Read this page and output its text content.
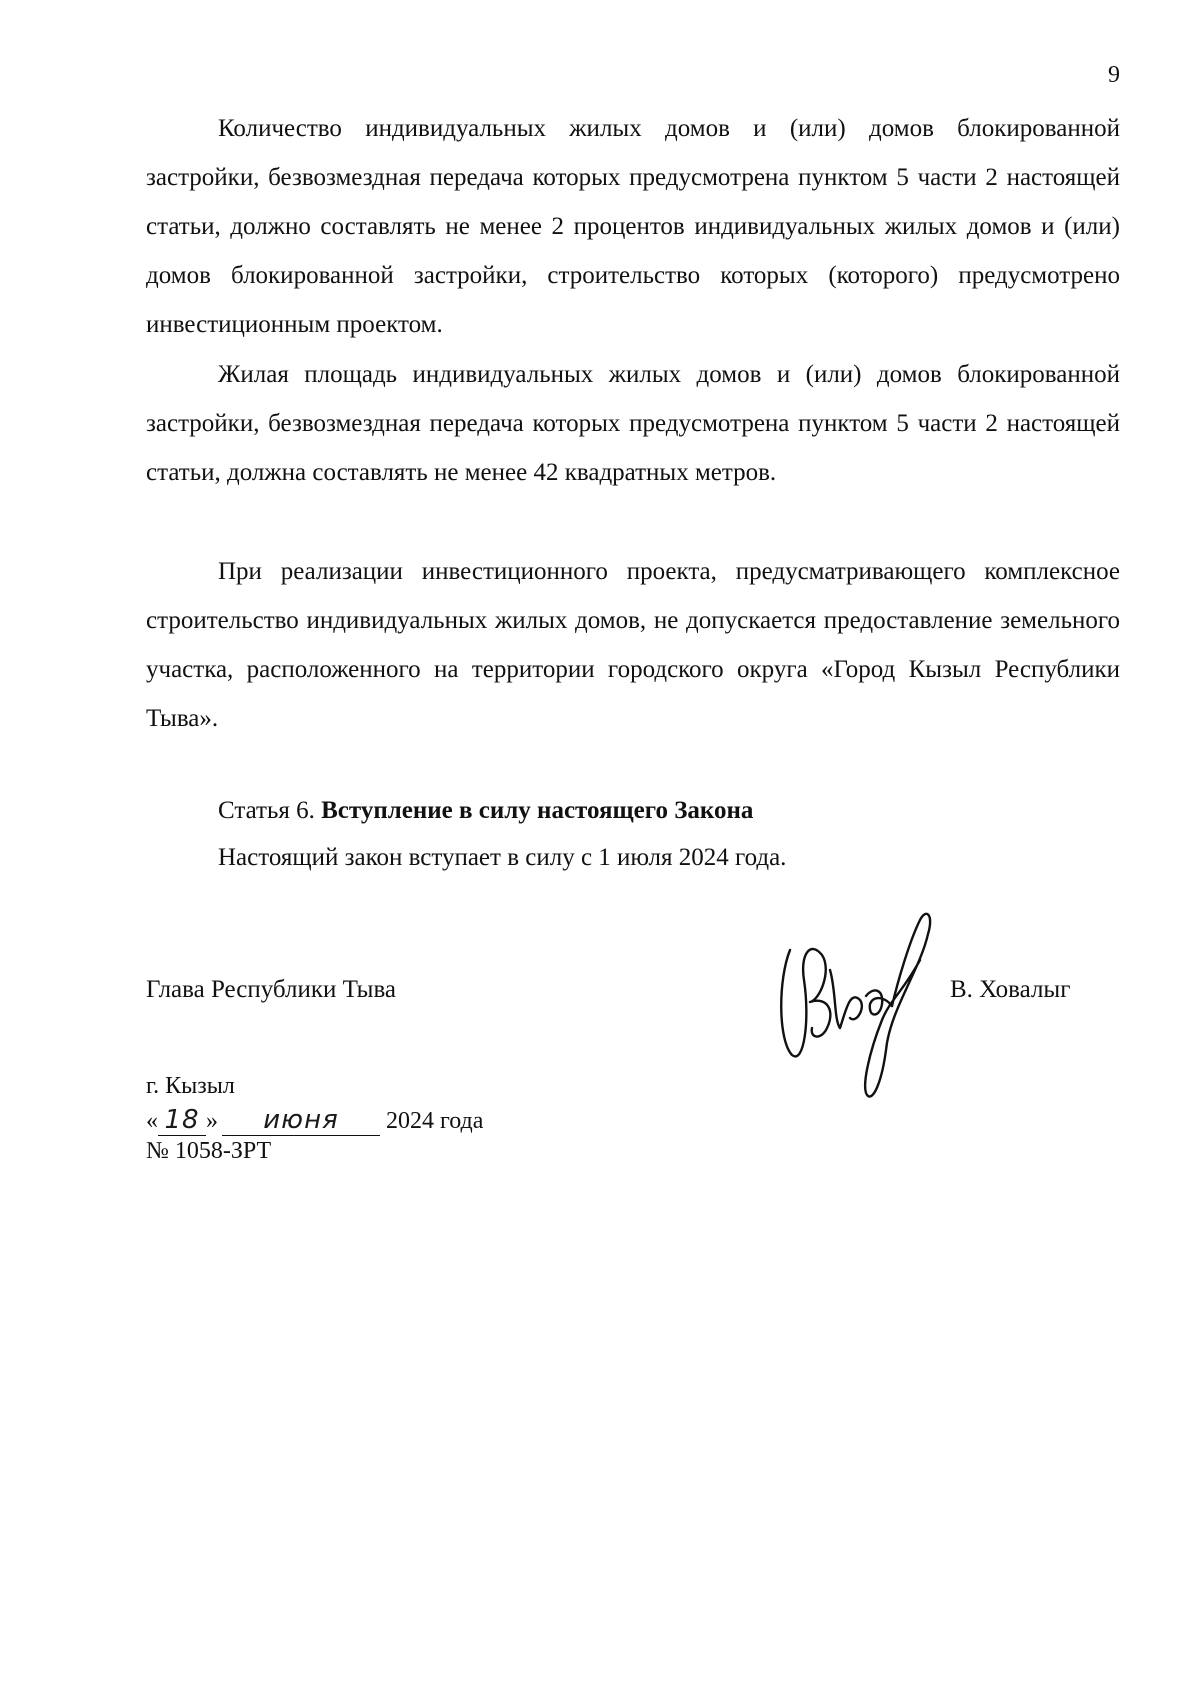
9

Количество индивидуальных жилых домов и (или) домов блокированной застройки, безвозмездная передача которых предусмотрена пунктом 5 части 2 настоящей статьи, должно составлять не менее 2 процентов индивидуальных жилых домов и (или) домов блокированной застройки, строительство которых (которого) предусмотрено инвестиционным проектом.

Жилая площадь индивидуальных жилых домов и (или) домов блокированной застройки, безвозмездная передача которых предусмотрена пунктом 5 части 2 настоящей статьи, должна составлять не менее 42 квадратных метров.

При реализации инвестиционного проекта, предусматривающего комплексное строительство индивидуальных жилых домов, не допускается предоставление земельного участка, расположенного на территории городского округа «Город Кызыл Республики Тыва».

Статья 6. Вступление в силу настоящего Закона
Настоящий закон вступает в силу с 1 июля 2024 года.
Глава Республики Тыва	В. Ховалыг
г. Кызыл
« 18 » июня 2024 года
№ 1058-ЗРТ
